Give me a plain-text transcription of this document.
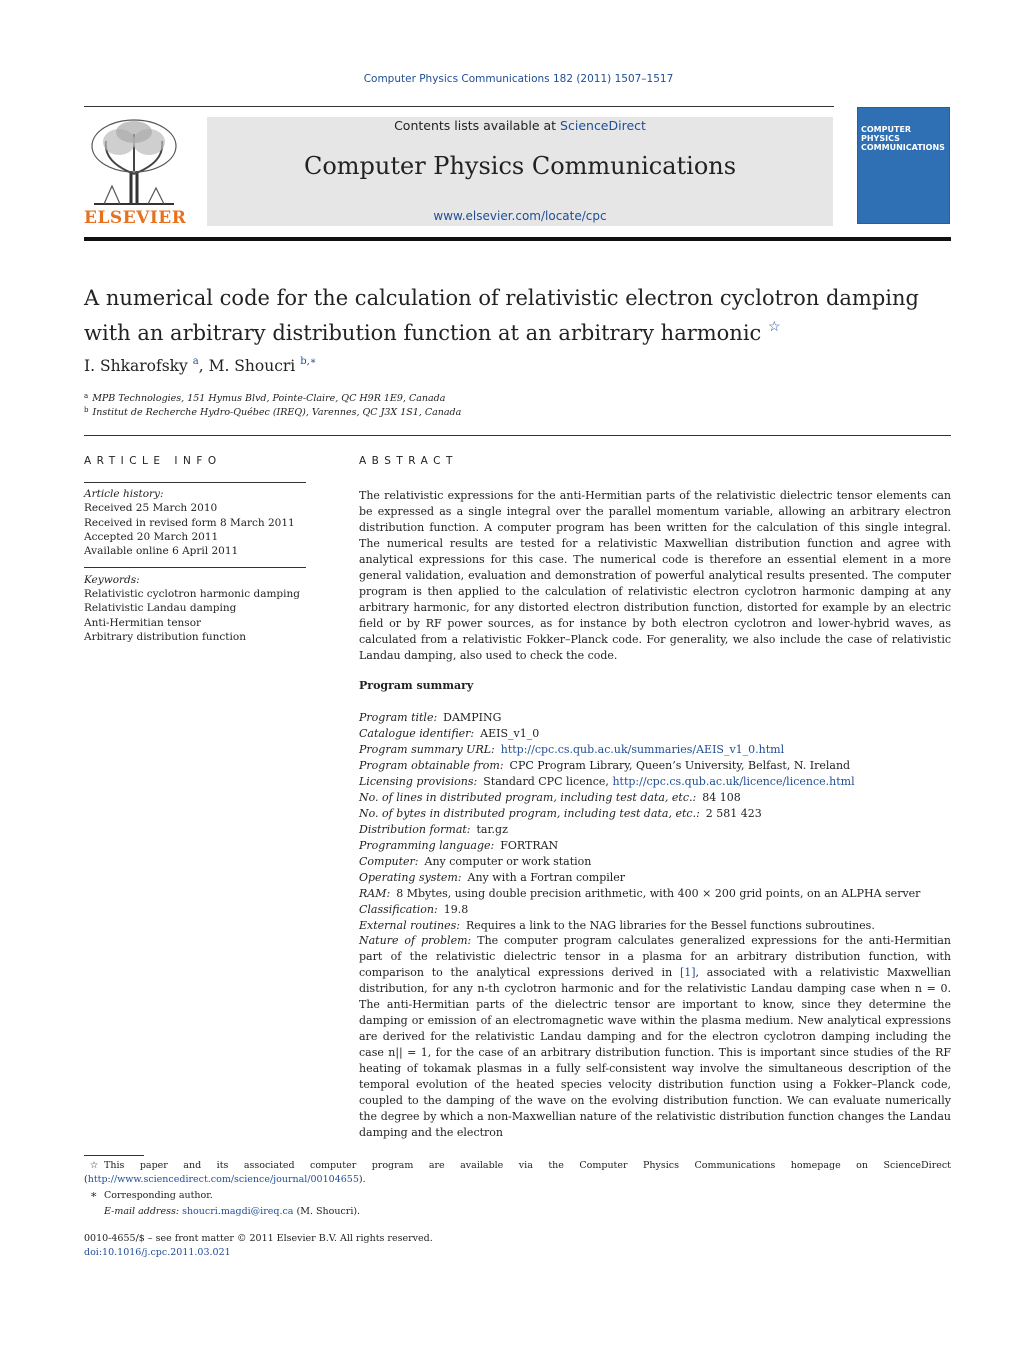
Computer Physics Communications 182 (2011) 1507–1517
ELSEVIER
Contents lists available at ScienceDirect
Computer Physics Communications
www.elsevier.com/locate/cpc
COMPUTER PHYSICS
COMMUNICATIONS
A numerical code for the calculation of relativistic electron cyclotron damping with an arbitrary distribution function at an arbitrary harmonic ☆
I. Shkarofsky $^a$, M. Shoucri $^{b,∗}$
$^a$ MPB Technologies, 151 Hymus Blvd, Pointe-Claire, QC H9R 1E9, Canada
$^b$ Institut de Recherche Hydro-Québec (IREQ), Varennes, QC J3X 1S1, Canada
ARTICLE INFO
Article history:
Received 25 March 2010
Received in revised form 8 March 2011
Accepted 20 March 2011
Available online 6 April 2011
Keywords:
Relativistic cyclotron harmonic damping
Relativistic Landau damping
Anti-Hermitian tensor
Arbitrary distribution function
ABSTRACT
The relativistic expressions for the anti-Hermitian parts of the relativistic dielectric tensor elements can be expressed as a single integral over the parallel momentum variable, allowing an arbitrary electron distribution function. A computer program has been written for the calculation of this single integral. The numerical results are tested for a relativistic Maxwellian distribution function and agree with analytical expressions for this case. The numerical code is therefore an essential element in a more general validation, evaluation and demonstration of powerful analytical results presented. The computer program is then applied to the calculation of relativistic electron cyclotron harmonic damping at any arbitrary harmonic, for any distorted electron distribution function, distorted for example by an electric field or by RF power sources, as for instance by both electron cyclotron and lower-hybrid waves, as calculated from a relativistic Fokker–Planck code. For generality, we also include the case of relativistic Landau damping, also used to check the code.
Program summary
Program title: DAMPING
Catalogue identifier: AEIS_v1_0
Program summary URL: http://cpc.cs.qub.ac.uk/summaries/AEIS_v1_0.html
Program obtainable from: CPC Program Library, Queen’s University, Belfast, N. Ireland
Licensing provisions: Standard CPC licence, http://cpc.cs.qub.ac.uk/licence/licence.html
No. of lines in distributed program, including test data, etc.: 84 108
No. of bytes in distributed program, including test data, etc.: 2 581 423
Distribution format: tar.gz
Programming language: FORTRAN
Computer: Any computer or work station
Operating system: Any with a Fortran compiler
RAM: 8 Mbytes, using double precision arithmetic, with 400 × 200 grid points, on an ALPHA server
Classification: 19.8
External routines: Requires a link to the NAG libraries for the Bessel functions subroutines.
Nature of problem: The computer program calculates generalized expressions for the anti-Hermitian part of the relativistic dielectric tensor in a plasma for an arbitrary distribution function, with comparison to the analytical expressions derived in [1], associated with a relativistic Maxwellian distribution, for any n-th cyclotron harmonic and for the relativistic Landau damping case when n = 0. The anti-Hermitian parts of the dielectric tensor are important to know, since they determine the damping or emission of an electromagnetic wave within the plasma medium. New analytical expressions are derived for the relativistic Landau damping and for the electron cyclotron damping including the case n|| = 1, for the case of an arbitrary distribution function. This is important since studies of the RF heating of tokamak plasmas in a fully self-consistent way involve the simultaneous description of the temporal evolution of the heated species velocity distribution function using a Fokker–Planck code, coupled to the damping of the wave on the evolving distribution function. We can evaluate numerically the degree by which a non-Maxwellian nature of the relativistic distribution function changes the Landau damping and the electron
☆ This paper and its associated computer program are available via the Computer Physics Communications homepage on ScienceDirect (http://www.sciencedirect.com/science/journal/00104655).
∗ Corresponding author.
E-mail address: shoucri.magdi@ireq.ca (M. Shoucri).
0010-4655/$ – see front matter © 2011 Elsevier B.V. All rights reserved.
doi:10.1016/j.cpc.2011.03.021
